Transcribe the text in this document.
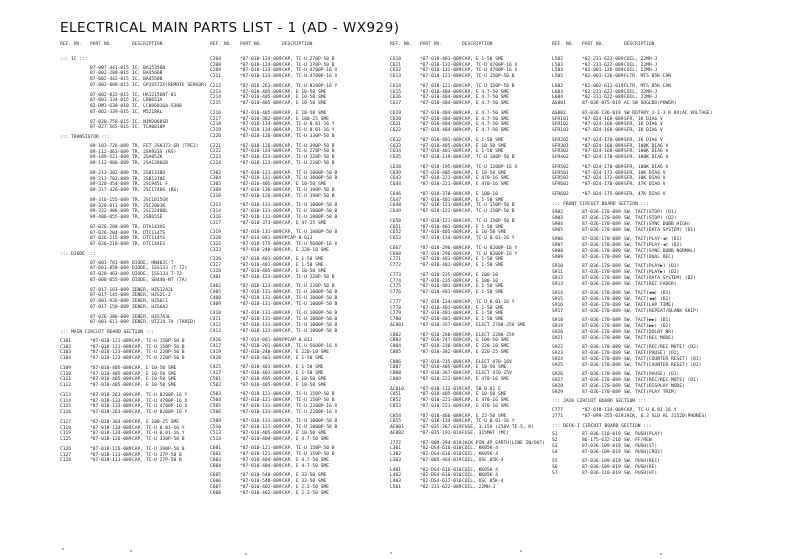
ELECTRICAL MAIN PARTS LIST - 1 (AD - WX929)
REF. NO.	PART NO.	DESCRIPTION
::: IC :::
87-007-441-015 IC, BA15356N
87-002-280-015 IC, BA4566B
87-002-442-015 IC, BA4558B
87-002-809-015 IC, GP1S572X(REMOTE SENSOR)
87-002-832-015 IC, HA12156NT-01
87-001-334-015 IC, LB8651A
82-DM1-630-010 IC, LC866016A-5300
87-002-339-015 IC, M5218AL
87-020-758-015 IC, NJM2068SD
87-027-565-015 IC, TCA0818P
::: TRANSISTOR :::
89-103-726-089 TR, FET 2SK373-GR (TPE2)
89-112-463-089 TR, 2SA933S (RS)
89-109-521-089 TR, 2SA852K
89-112-966-089 TR, 2SA1286GR
89-213-302-089 TR, 2SB1330Q
89-213-702-089 TR, 2SB1370E
89-320-454-089 TR, 2SC945L F
89-317-426-089 TR, 2SC1740S (RS)
89-316-155-089 TR, 2SC1815GR
89-320-011-089 TR, 2SC2001K
89-322-406-089 TR, 2SC2240BL
89-406-055-089 TR, 2SD655E
87-026-288-089 TR, DTA143XS
87-026-204-089 TR, DTC114TS
87-026-215-089 TR, DTC114YS
87-026-218-089 TR, DTC144ES
::: DIODE :::
87-001-783-089 DIODE, HN402C-T
87-001-858-089 DIODE, 1SS133 (T-72)
87-020-463-089 DIODE, 1SS133 T-72
87-008-055-089 DIODE, SB440-NT (TA)
87-017-163-089 ZENER, HZS12A2L
87-017-145-089 ZENER, HZS2C-2
87-001-926-089 ZENER, HZS6C1
87-017-150-089 ZENER, HZS6A2
87-026-386-089 ZENER, HZS7A3L
87-001-611-089 ZENER, UTZJ4.7A (TAPED)
::: MAIN CIRCUIT BOARD SECTION :::
C101	*87-018-121-089 CAP, TC-U 150P-50 B
C102	*87-018-121-089 CAP, TC-U 150P-50 B
C103	*87-018-123-089 CAP, TC-U 220P-50 B
C104	*87-018-123-089 CAP, TC-U 220P-50 B
C109	*87-010-405-089 CAP, E 10-50 SME
C110	*87-010-405-089 CAP, E 10-50 SME
C111	*87-010-405-089 CAP, E 10-50 SME
C112	*87-010-405-089 CAP, E 10-50 SME
C113	*87-018-263-089 CAP, TC-U 8200P-16 Y
C114	*87-018-133-089 CAP, TC-U 4700P-16 X
C115	*87-018-133-089 CAP, TC-U 4700P-16 X
C116	*87-018-263-089 CAP, TC-U 8200P-16 Y
C117	*87-010-364-089 CAP, E 100-25 SME
C118	*87-018-134-089 CAP, TC-U 0.01-16 Y
C119	*87-018-134-089 CAP, TC-U 0.01-16 Y
C125	*87-018-126-089 CAP, TC-U 330P-50 B
C126	*87-018-126-089 CAP, TC-U 390P-50 B
C127	*87-018-113-089 CAP, TC-U 27P-50 B
C128	*87-018-113-089 CAP, TC-U 27P-50 B
REF. NO.	PART NO.	DESCRIPTION
C204	*87-018-124-089 CAP, TC-U 270P-50 B
C208	*87-018-124-089 CAP, TC-U 270P-50 B
C209	*87-018-133-089 CAP, TC-U 4700P-16 X
C211	*87-018-133-089 CAP, TC-U 4700P-16 X
C212	*87-018-263-089 CAP, TC-U 8200P-16 Y
C213	*87-010-405-089 CAP, E 10-50 SME
C214	*87-010-405-089 CAP, E 10-50 SME
C215	*87-010-405-089 CAP, E 10-50 SME
C216	*87-010-405-089 CAP, E 10-50 SME
C217	*87-010-382-089 CAP, E 100-25 SME
C218	*87-018-134-089 CAP, TC-U 0.01-16 Y
C219	*87-018-134-089 CAP, TC-U 0.01-16 Y
C220	*87-018-126-089 CAP, TC-U 330P-50 B
C221	*87-018-126-089 CAP, TC-U 390P-50 B
C222	*87-018-124-089 CAP, TC-U 270P-50 B
C223	*87-018-123-089 CAP, TC-U 220P-50 B
C224	*87-018-123-089 CAP, TC-U 220P-50 B
C302	*87-018-131-089 CAP, TC-U 1000P-50 B
C304	*87-018-131-089 CAP, TC-U 1000P-50 B
C305	*87-010-405-089 CAP, E 10-50 SME
C309	*87-018-136-089 CAP, TC-U 390P-50 B
C310	*87-018-126-089 CAP, TC-U 390P-50 B
C313	*87-018-131-089 CAP, TC-U 1000P-50 B
C314	*87-018-131-089 CAP, TC-U 1000P-50 B
C316	*87-018-131-089 CAP, TC-U 1000P-50 B
C317	*87-010-373-089 CAP, E 47-25 SME
C319	*87-018-131-089 CAP, TC-U 1000P-50 B
C320	*87-014-881-089 PPCAP 0.01J
C322	*87-018-175-089 CAP, TC-U 5600P-16 X
C323	*87-010-248-089 CAP, E 220-10 SME
C326	*87-010-401-089 CAP, E 1-50 SME
C327	*87-010-401-089 CAP, E 1-50 SME
C328	*87-010-405-089 CAP, E 10-50 SME
C401	*87-018-123-089 CAP, TC-U 220P-50 B
C402	*87-018-123-089 CAP, TC-U 220P-50 B
C405	*87-018-131-089 CAP, TC-U 1000P-50 B
C408	*87-018-131-089 CAP, TC-U 1000P-50 B
C409	*87-018-131-089 CAP, TC-U 1000P-50 B
C410	*87-018-131-089 CAP, TC-U 1000P-50 B
C411	*87-018-131-089 CAP, TC-U 1000P-50 B
C412	*87-018-131-089 CAP, TC-U 1000P-50 B
C413	*87-018-131-089 CAP, TC-U 1000P-50 B
C416	*87-014-881-089 PPCAP 0.01J
C417	*87-018-201-089 CAP, TC-U 5600P-16 X
C419	*87-010-248-089 CAP, E 220-10 SME
C420	*87-010-401-089 CAP, E 1-50 SME
C425	*87-010-401-089 CAP, E 1-50 SME
C427	*87-010-401-089 CAP, E 1-50 SME
C501	*87-010-405-089 CAP, E 10-50 SME
C502	*87-010-405-089 CAP, E 10-50 SME
C503	*87-018-121-089 CAP, TC-U 150P-50 B
C504	*87-018-121-089 CAP, TC-U 150P-50 B
C505	*87-018-131-089 CAP, TC-U 2200P-16 X
C506	*87-018-131-089 CAP, TC-U 2200P-16 X
C509	*87-018-131-089 CAP, TC-U 1000P-50 B
C510	*87-018-131-089 CAP, TC-U 1000P-50 B
C513	*87-010-405-089 CAP, E 10-50 SME
C514	*87-010-404-089 CAP, E 4.7-50 SME
C601	*87-018-121-089 CAP, TC-U 150P-50 B
C602	*87-018-121-089 CAP, TC-U 150P-50 B
C603	*87-010-404-089 CAP, E 4.7-50 SME
C604	*87-010-404-089 CAP, E 4.7-50 SME
C605	*87-010-548-089 CAP, E 33-50 SME
C606	*87-010-548-089 CAP, E 33-50 SME
C607	*87-010-402-089 CAP, E 2.2-50 SME
C608	*87-010-402-089 CAP, E 2.2-50 SME
REF. NO.	PART NO.	DESCRIPTION
C610	*87-018-401-089 CAP, E 1-50 SME
C611	*87-018-132-089 CAP, TC-U 4700P-16 X
C612	*87-018-132-089 CAP, TC-U 4700P-16 X
C613	*87-018-121-089 CAP, TC-U 150P-50 B
C614	*87-018-121-089 CAP, TC-U 150P-50 B
C615	*87-010-404-089 CAP, E 4.7-50 SME
C616	*87-010-404-089 CAP, E 4.7-50 SME
C617	*87-010-404-089 CAP, E 4.7-50 SME
C619	*87-010-404-089 CAP, E 4.7-50 SME
C620	*87-010-404-089 CAP, E 4.7-50 SME
C621	*87-010-404-089 CAP, E 4.7-50 SME
C622	*87-010-404-089 CAP, E 4.7-50 SME
C632	*87-010-401-089 CAP, E 1-50 SME
C633	*87-010-405-089 CAP, E 10-50 SME
C634	*87-010-401-089 CAP, E 1-50 SME
C635	*87-018-119-089 CAP, TC-U 100P-50 B
C638	*87-018-195-089 CAP, TC-U 1200P-16 X
C639	*87-010-405-089 CAP, E 10-50 SME
C643	*87-010-221-089 CAP, E 470-16 SME
C644	*87-010-221-089 CAP, E 470-16 SME
C646	*87-010-370-089 CAP, E 100-10
C647	*87-010-401-089 CAP, E 1-50 SME
C648	*87-018-121-089 CAP, TC-U 150P-50 B
C649	*87-018-121-089 CAP, TC-U 150P-50 B
C650	*87-018-121-089 CAP, TC-U 150P-50 B
C651	*87-010-401-089 CAP, E 1-50 SME
C652	*87-010-405-089 CAP, E 10-50 SME
C653	*87-018-134-089 CAP, TC-U 0.01-16 Y
C667	*87-018-296-089 CAP, TC-U 8200P-16 Y
C668	*87-018-296-089 CAP, TC-U 8200P-16 Y
C771	*87-010-401-089 CAP, E 1-50 SME
C772	*87-010-401-089 CAP, E 1-50 SME
C773	*87-010-235-089 CAP, E 100-10
C774	*87-010-235-089 CAP, E 100-10
C775	*87-010-401-089 CAP, E 1-50 SME
C776	*87-010-401-089 CAP, E 1-50 SME
C777	*87-018-134-089 CAP, TC-U 0.01-16 Y
C778	*87-010-401-089 CAP, E 1-50 SME
C779	*87-010-401-089 CAP, E 1-50 SME
C780	*87-010-401-089 CAP, E 1-50 SME
ΔC801	*87-010-357-089 CAP, ELECT 2700-25V SME
C802	*87-010-260-089 CAP, ELECT 2200-25V
C803	*87-010-247-089 CAP, E 100-50 SME
C804	*87-010-236-089 CAP, E 220-10 SME
C805	*87-010-382-089 CAP, E 220-25 SME
C806	*87-010-235-089 CAP, ELECT 470-16V
C807	*87-010-405-089 CAP, E 10-50 SME
C808	*87-010-367-089 CAP, ELECT 470-25V
C809	*87-010-221-089 CAP, E 470-16 SME
ΔC810	*87-018-112-019 CAP, 50 0.01 E
C851	*87-010-405-089 CAP, E 10-50 SME
C852	*87-010-221-089 CAP, E 470-16 SME
C853	*87-010-221-089 CAP, E 470-16 SME
C854	*87-010-466-089 CAP, E 22-50 SME
C855	*87-018-134-089 CAP, TC-U 0.01-16 Y
ΔF801	*87-035-367-019 FUSE, 3.15A (250V TE-5, K)
ΔF802	*87-035-191-019 FUSE, 315MAT (MC)
J772	*87-009-394-019 JACK PIN 4P EARTH(LINE IN/OUT)
L301	*82-DS4-616-010 COIL, KK85K-4
L302	*82-DS4-616-010 COIL, KK85K-4
L303	*87-005-464-019 COIL, OSC 85K-4
L401	*82-DS4-616-010 COIL, KK85K-4
L402	*82-DS4-616-010 COIL, KK85K-4
L403	*82-DS4-617-010 COIL, OSC 85K-4
L501	*82-231-622-089 COIL, 22MH-J
REF. NO.	PART NO.	DESCRIPTION
L502	*82-231-622-089 COIL, 22MH-J
L503	*82-231-622-089 COIL, 22MH-J
L504	*82-001-126-089 COIL, 22MH-J
L505	*82-001-126-089 FLTR, MTS 85K-CAN
L602	*82-002-611-019 FLTR, MTS 85K-CAN
L603	*82-231-622-089 COIL, 22MH-J
L604	*82-231-622-089 COIL, 22MH-J
ΔS801	87-036-075-019 AC SW SDGLDO(POWER)
ΔS802	87-036-136-019 SW ROTARY 1-1-3 R 8V(AC VOLTAGE)
SFR101	*87-024-168-089 SFR, 1K DIA6 V
SFR102	*87-024-168-089 SFR, 1K DIA6 V
SFR103	*87-024-168-089 SFR, 1K DIA6 V
SFR202	*87-024-170-089 SFR, 1K DIA6 V
SFR301	*87-024-168-089 SFR, 100K DIA6 V
SFR302	*87-024-168-089 SFR, 100K DIA6 V
SFR402	*87-024-170-089 SFR, 100K DIA6 V
SFR502	*87-024-170-089 SFR, 100K DIA6 V
SFR501	*87-024-172-089 SFR, 10K DIA6 V
SFR502	*87-024-172-089 SFR, 10K DIA6 V
SFR602	*87-024-170-089 SFR, 47K DIA6 V
SFR603	*87-024-175-089 SFR, 47K DIA6 V
::: FRONT CIRCUIT BOARD SECTION :::
S902	87-036-170-089 SW, TACT(STOP) (D1)
S903	87-036-170-089 SW, TACT(STOP) (D2)
S904	87-036-170-089 SW, TACT(SYNC DUBB HIGH)
S905	87-036-170-089 SW, TACT(DATA SYSTEM) (D1)
S906	87-036-170-089 SW, TACT(PLAY-◀) (D1)
S907	87-036-170-089 SW, TACT(PLAY-◀) (D2)
S908	87-036-170-089 SW, TACT(SYNC DUBB NORMAL)
S909	87-036-170-089 SW, TACT(DUAL REC)
S910	87-036-170-089 SW, TACT(PLAY▶) (D1)
S911	87-036-170-089 SW, TACT(PLAY▶) (D2)
S912	87-036-170-089 SW, TACT(DATA SYSTEM) (D2)
S913	87-036-170-089 SW, TACT(REC FADER)
S914	87-036-170-089 SW, TACT(◀◀) (D1)
S915	87-036-170-089 SW, TACT(◀◀) (D2)
S916	87-036-170-089 SW, TACT(LAP TIME)
S917	87-036-170-089 SW, TACT(REPEAT/BLANK SKIP)
S918	87-036-170-089 SW, TACT(▶▶) (D1)
S919	87-036-170-089 SW, TACT(▶▶) (D2)
S920	87-036-170-089 SW, TACT(DOLBY NR)
S921	87-036-170-089 SW, TACT(REC MODE)
S922	87-036-170-089 SW, TACT(REC/REC MUTE) (D2)
S923	87-036-170-089 SW, TACT(PAUSE) (D2)
S924	87-036-170-089 SW, TACT(COUNTER RESET) (D1)
S925	87-036-170-089 SW, TACT(COUNTER RESET) (D2)
S926	87-036-170-089 SW, TACT(PAUSE) (D1)
S927	87-036-170-089 SW, TACT(REC/REC MUTE) (D1)
S928	87-036-170-089 SW, TACT(DISPLAY MODE)
S929	87-036-170-089 SW, TACT(PLAY TRIM)
::: JACK CIRCUIT BOARD SECTION :::
C777	*87-018-134-089 CAP, TC-U 0.01-16 Y
J771	*87-099-355-019 JACK, 6.3 SLD HL J1520(PHONES)
::: DECK-I CIRCUIT BOARD SECTION :::
S1	87-036-110-019 SW, PUSH(PLAY)
S2	86-175-632-210 SW, FF/REW
S3	87-036-109-019 SW, PUSH(ST)
S4	87-036-109-019 SW, PUSH(CRO2)
S5	87-036-109-019 SW, PUSH(REC)
S6	87-036-109-019 SW, PUSH(RE)
S7	87-036-110-019 SW, PUSH(HT)
